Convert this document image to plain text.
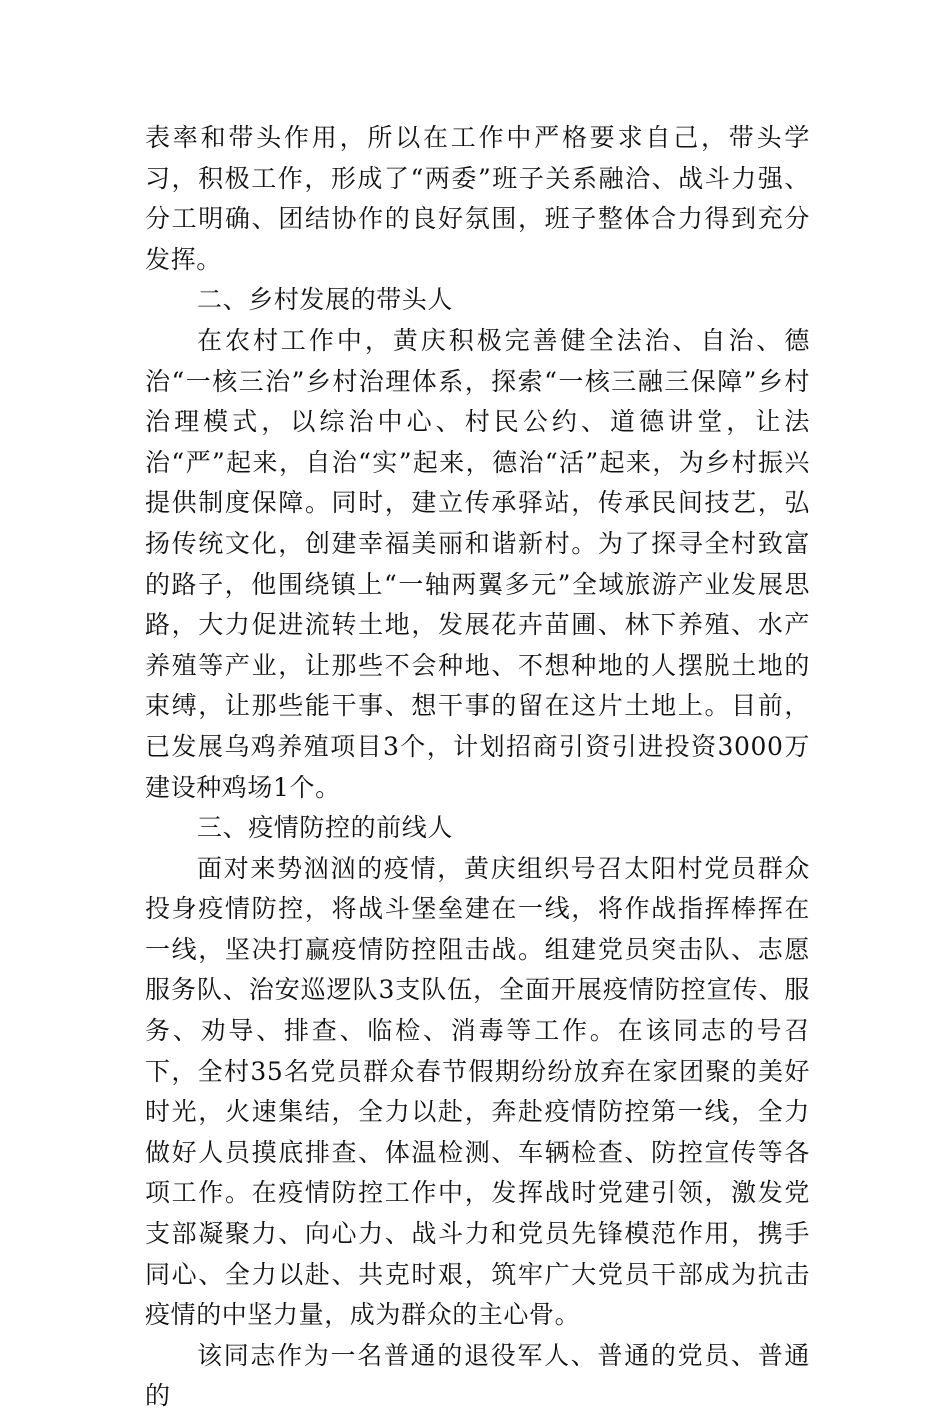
表率和带头作用，所以在工作中严格要求自己，带头学习，积极工作，形成了“两委”班子关系融洽、战斗力强、分工明确、团结协作的良好氛围，班子整体合力得到充分发挥。

二、乡村发展的带头人

在农村工作中，黄庆积极完善健全法治、自治、德治“一核三治”乡村治理体系，探索“一核三融三保障”乡村治理模式，以综治中心、村民公约、道德讲堂，让法治“严”起来，自治“实”起来，德治“活”起来，为乡村振兴提供制度保障。同时，建立传承驿站，传承民间技艺，弘扬传统文化，创建幸福美丽和谐新村。为了探寻全村致富的路子，他围绕镇上“一轴两翼多元”全域旅游产业发展思路，大力促进流转土地，发展花卉苗圃、林下养殖、水产养殖等产业，让那些不会种地、不想种地的人摆脱土地的束缚，让那些能干事、想干事的留在这片土地上。目前，已发展乌鸡养殖项目3个，计划招商引资引进投资3000万建设种鸡场1个。

三、疫情防控的前线人

面对来势汹汹的疫情，黄庆组织号召太阳村党员群众投身疫情防控，将战斗堡垒建在一线，将作战指挥棒挥在一线，坚决打赢疫情防控阻击战。组建党员突击队、志愿服务队、治安巡逻队3支队伍，全面开展疫情防控宣传、服务、劝导、排查、临检、消毒等工作。在该同志的号召下，全村35名党员群众春节假期纷纷放弃在家团聚的美好时光，火速集结，全力以赴，奔赴疫情防控第一线，全力做好人员摸底排查、体温检测、车辆检查、防控宣传等各项工作。在疫情防控工作中，发挥战时党建引领，激发党支部凝聚力、向心力、战斗力和党员先锋模范作用，携手同心、全力以赴、共克时艰，筑牢广大党员干部成为抗击疫情的中坚力量，成为群众的主心骨。

该同志作为一名普通的退役军人、普通的党员、普通的
